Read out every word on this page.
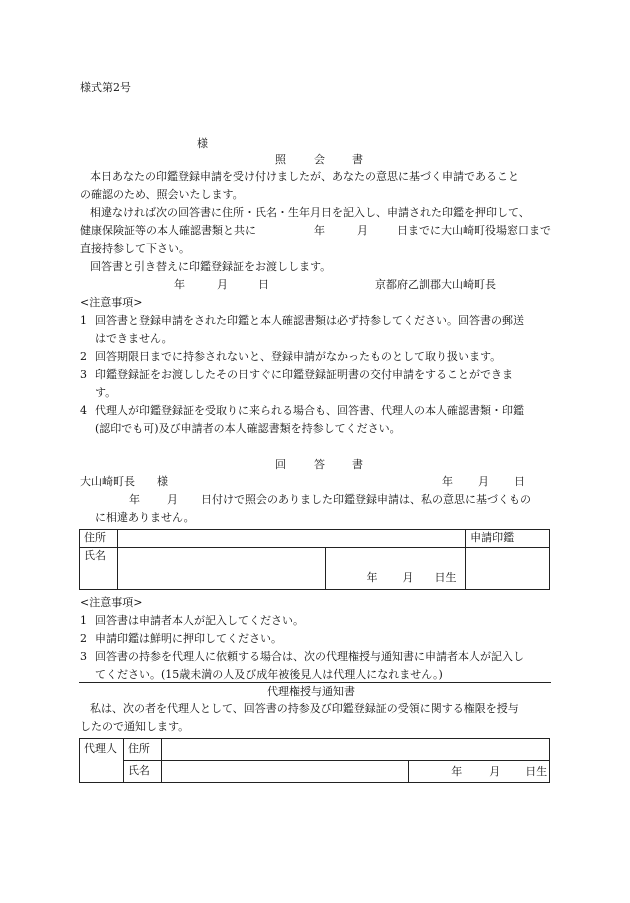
様式第2号
様
照	会 書
本日あなたの印鑑登録申請を受け付けましたが、あなたの意思に基づく申請であること
の確認のため、照会いたします。
相違なければ次の回答書に住所・氏名・生年月日を記入し、申請された印鑑を押印して、
健康保険証等の本人確認書類と共に	年	月	日までに大山崎町役場窓口まで
直接持参して下さい。
回答書と引き替えに印鑑登録証をお渡しします。
年	月	日	京都府乙訓郡大山崎町長
<注意事項>
1 回答書と登録申請をされた印鑑と本人確認書類は必ず持参してください。回答書の郵送
はできません。
2 回答期限日までに持参されないと、登録申請がなかったものとして取り扱います。
3 印鑑登録証をお渡ししたその日すぐに印鑑登録証明書の交付申請をすることができま
す。
4 代理人が印鑑登録証を受取りに来られる場合も、回答書、代理人の本人確認書類・印鑑
(認印でも可)及び申請者の本人確認書類を持参してください。
回	答 書
大山崎町長 様	年 月 日
年 月 日付けで照会のありました印鑑登録申請は、私の意思に基づくもの
に相違ありません。
住所			申請印鑑
氏名		年 月 日生	

<注意事項>
1 回答書は申請者本人が記入してください。
2 申請印鑑は鮮明に押印してください。
3 回答書の持参を代理人に依頼する場合は、次の代理権授与通知書に申請者本人が記入し
てください。(15歳未満の人及び成年被後見人は代理人になれません。)
代理権授与通知書
私は、次の者を代理人として、回答書の持参及び印鑑登録証の受領に関する権限を授与
したので通知します。
代理人	住所		
	氏名		年 月 日生
